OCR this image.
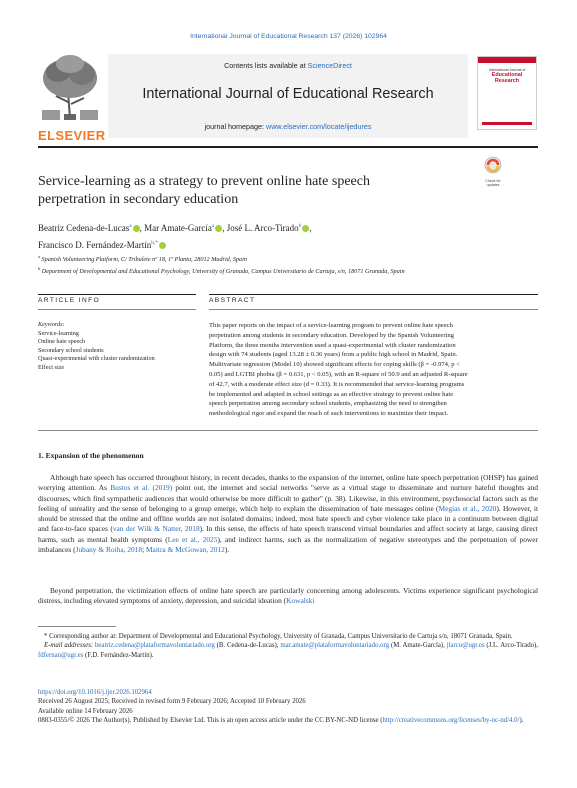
International Journal of Educational Research 137 (2026) 102964
ELSEVIER
Contents lists available at ScienceDirect
International Journal of Educational Research
journal homepage: www.elsevier.com/locate/ijedures
International Journal of
Educational
Research
Check for
updates
Service-learning as a strategy to prevent online hate speech
perpetration in secondary education
Beatriz Cedena-de-Lucas$^a$ , Mar Amate-García$^a$ , José L. Arco-Tirado$^b$ ,
Francisco D. Fernández-Martín$^{b,*}$
$^a$ Spanish Volunteering Platform, C/ Tribulete nº 18, 1º Planta, 28012 Madrid, Spain
$^b$ Department of Developmental and Educational Psychology, University of Granada, Campus Universitario de Cartuja, s/n, 18071 Granada, Spain
ARTICLE INFO
Keywords:
Service-learning
Online hate speech
Secondary school students
Quasi-experimental with cluster randomization
Effect size
ABSTRACT
This paper reports on the impact of a service-learning program to prevent online hate speech
perpetration among students in secondary education. Developed by the Spanish Volunteering
Platform, the three months intervention used a quasi-experimental with cluster randomization
design with 74 students (aged 13.28 ± 0.36 years) from a public high school in Madrid, Spain.
Multivariate regression (Model 10) showed significant effects for coping skills (β = -0.974, p <
0.05) and LGTBI phobia (β = 0.631, p < 0.05), with an R-square of 50.9 and an adjusted R-square
of 42.7, with a moderate effect size (d = 0.33). It is recommended that service-learning programs
be implemented and adapted in school settings as an effective strategy to prevent online hate
speech perpetration among secondary school students, emphasizing the need to strengthen
methodological rigor and expand the reach of such interventions to maximize their impact.
1. Expansion of the phenomenon
Although hate speech has occurred throughout history, in recent decades, thanks to the expansion of the internet, online hate speech perpetration (OHSP) has gained worrying attention. As Bustos et al. (2019) point out, the internet and social networks "serve as a virtual stage to disseminate and nurture hateful thoughts and discourses, which find sympathetic audiences that would otherwise be more difficult to gather" (p. 38). Likewise, in this environment, psychosocial factors such as the feeling of unreality and the sense of belonging to a group emerge, which help to explain the dissemination of hate messages online (Megías et al., 2020). However, it should be stressed that the online and offline worlds are not isolated domains; indeed, most hate speech and cyber violence take place in a continuum between digital and face-to-face spaces (van der Wilk & Natter, 2018). In this sense, the effects of hate speech transcend virtual boundaries and affect society at large, causing direct harms, such as mental health symptoms (Lee et al., 2025), and indirect harms, such as the normalization of negative stereotypes and the perpetuation of power imbalances (Jubany & Roiha, 2018; Maitra & McGowan, 2012).
Beyond perpetration, the victimization effects of online hate speech are particularly concerning among adolescents. Victims experience significant psychological distress, including elevated symptoms of anxiety, depression, and suicidal ideation (Kowalski
* Corresponding author at: Department of Developmental and Educational Psychology, University of Granada, Campus Universitario de Cartuja s/n, 18071 Granada, Spain.
E-mail addresses: beatriz.cedena@plataformavoluntariado.org (B. Cedena-de-Lucas), mar.amate@plataformavoluntariado.org (M. Amate-García), jlarco@ugr.es (J.L. Arco-Tirado), fdfernan@ugr.es (F.D. Fernández-Martín).
https://doi.org/10.1016/j.ijer.2026.102964
Received 26 August 2025; Received in revised form 9 February 2026; Accepted 10 February 2026
Available online 14 February 2026
0883-0355/© 2026 The Author(s). Published by Elsevier Ltd. This is an open access article under the CC BY-NC-ND license (http://creativecommons.org/licenses/by-nc-nd/4.0/).
